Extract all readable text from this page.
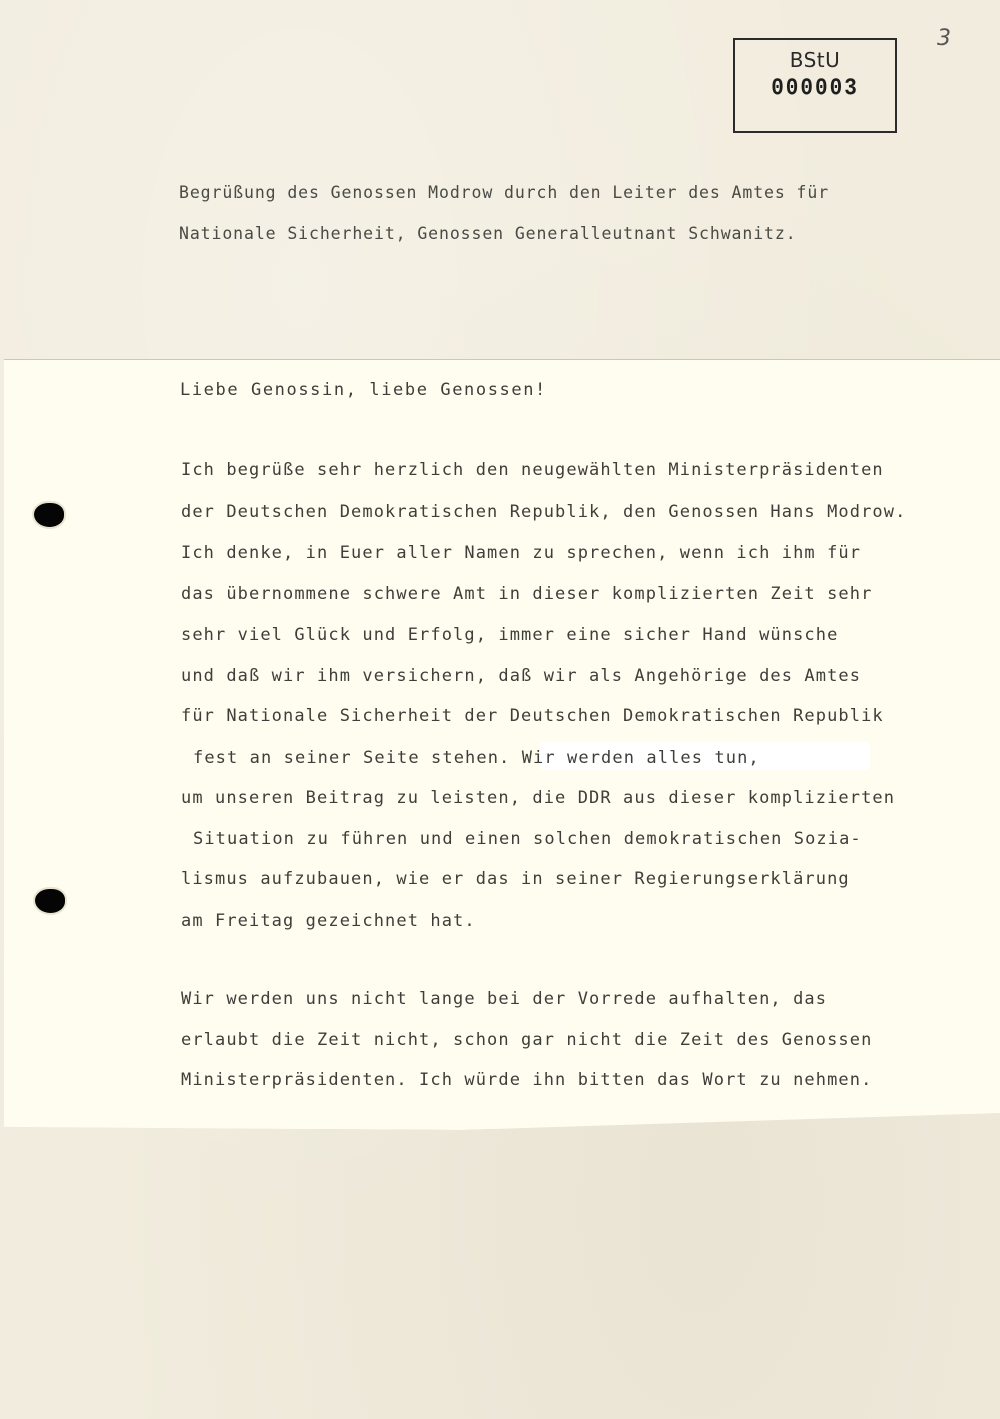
BStU
000003
3
Begrüßung des Genossen Modrow durch den Leiter des Amtes für
Nationale Sicherheit, Genossen Generalleutnant Schwanitz.
Liebe Genossin, liebe Genossen!
Ich begrüße sehr herzlich den neugewählten Ministerpräsidenten
der Deutschen Demokratischen Republik, den Genossen Hans Modrow.
Ich denke, in Euer aller Namen zu sprechen, wenn ich ihm für
das übernommene schwere Amt in dieser komplizierten Zeit sehr
sehr viel Glück und Erfolg, immer eine sicher Hand wünsche
und daß wir ihm versichern, daß wir als Angehörige des Amtes
für Nationale Sicherheit der Deutschen Demokratischen Republik
fest an seiner Seite stehen. Wir werden alles tun,
um unseren Beitrag zu leisten, die DDR aus dieser komplizierten
Situation zu führen und einen solchen demokratischen Sozia-
lismus aufzubauen, wie er das in seiner Regierungserklärung
am Freitag gezeichnet hat.
Wir werden uns nicht lange bei der Vorrede aufhalten, das
erlaubt die Zeit nicht, schon gar nicht die Zeit des Genossen
Ministerpräsidenten. Ich würde ihn bitten das Wort zu nehmen.
